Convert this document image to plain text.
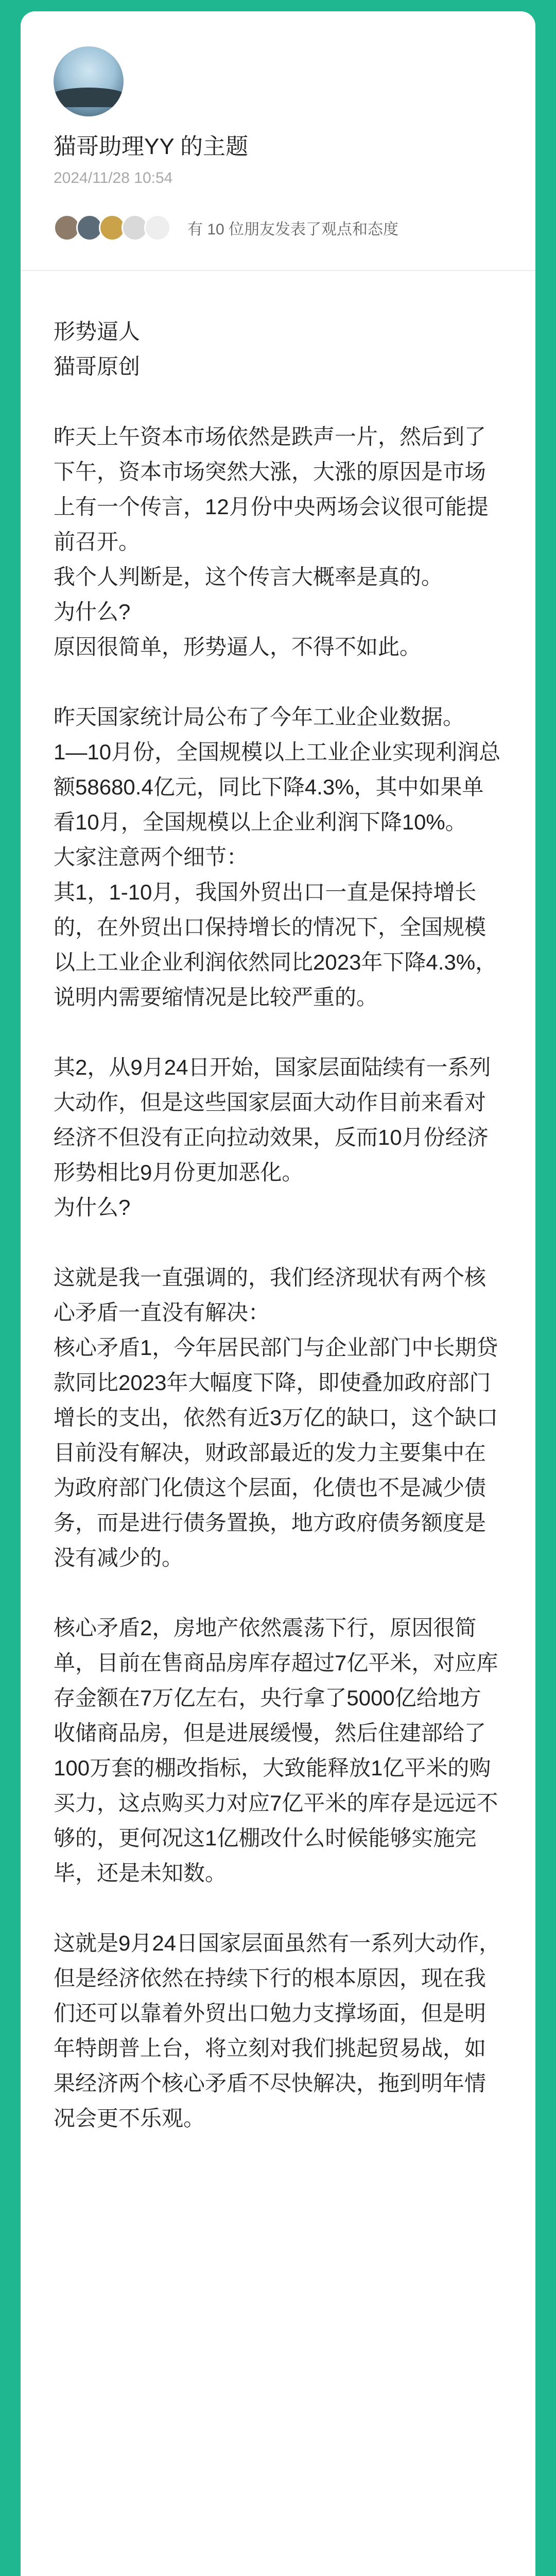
猫哥助理YY 的主题
2024/11/28 10:54
有 10 位朋友发表了观点和态度

形势逼人

猫哥原创

昨天上午资本市场依然是跌声一片，然后到了下午，资本市场突然大涨，大涨的原因是市场上有一个传言，12月份中央两场会议很可能提前召开。

我个人判断是，这个传言大概率是真的。

为什么?

原因很简单，形势逼人，不得不如此。

昨天国家统计局公布了今年工业企业数据。

1—10月份，全国规模以上工业企业实现利润总额58680.4亿元，同比下降4.3%，其中如果单看10月，全国规模以上企业利润下降10%。

大家注意两个细节：

其1，1-10月，我国外贸出口一直是保持增长的，在外贸出口保持增长的情况下，全国规模以上工业企业利润依然同比2023年下降4.3%，说明内需要缩情况是比较严重的。

其2，从9月24日开始，国家层面陆续有一系列大动作，但是这些国家层面大动作目前来看对经济不但没有正向拉动效果，反而10月份经济形势相比9月份更加恶化。

为什么?

这就是我一直强调的，我们经济现状有两个核心矛盾一直没有解决：

核心矛盾1，今年居民部门与企业部门中长期贷款同比2023年大幅度下降，即使叠加政府部门增长的支出，依然有近3万亿的缺口，这个缺口目前没有解决，财政部最近的发力主要集中在为政府部门化债这个层面，化债也不是减少债务，而是进行债务置换，地方政府债务额度是没有减少的。

核心矛盾2，房地产依然震荡下行，原因很简单，目前在售商品房库存超过7亿平米，对应库存金额在7万亿左右，央行拿了5000亿给地方收储商品房，但是进展缓慢，然后住建部给了100万套的棚改指标，大致能释放1亿平米的购买力，这点购买力对应7亿平米的库存是远远不够的，更何况这1亿棚改什么时候能够实施完毕，还是未知数。

这就是9月24日国家层面虽然有一系列大动作，但是经济依然在持续下行的根本原因，现在我们还可以靠着外贸出口勉力支撑场面，但是明年特朗普上台，将立刻对我们挑起贸易战，如果经济两个核心矛盾不尽快解决，拖到明年情况会更不乐观。
